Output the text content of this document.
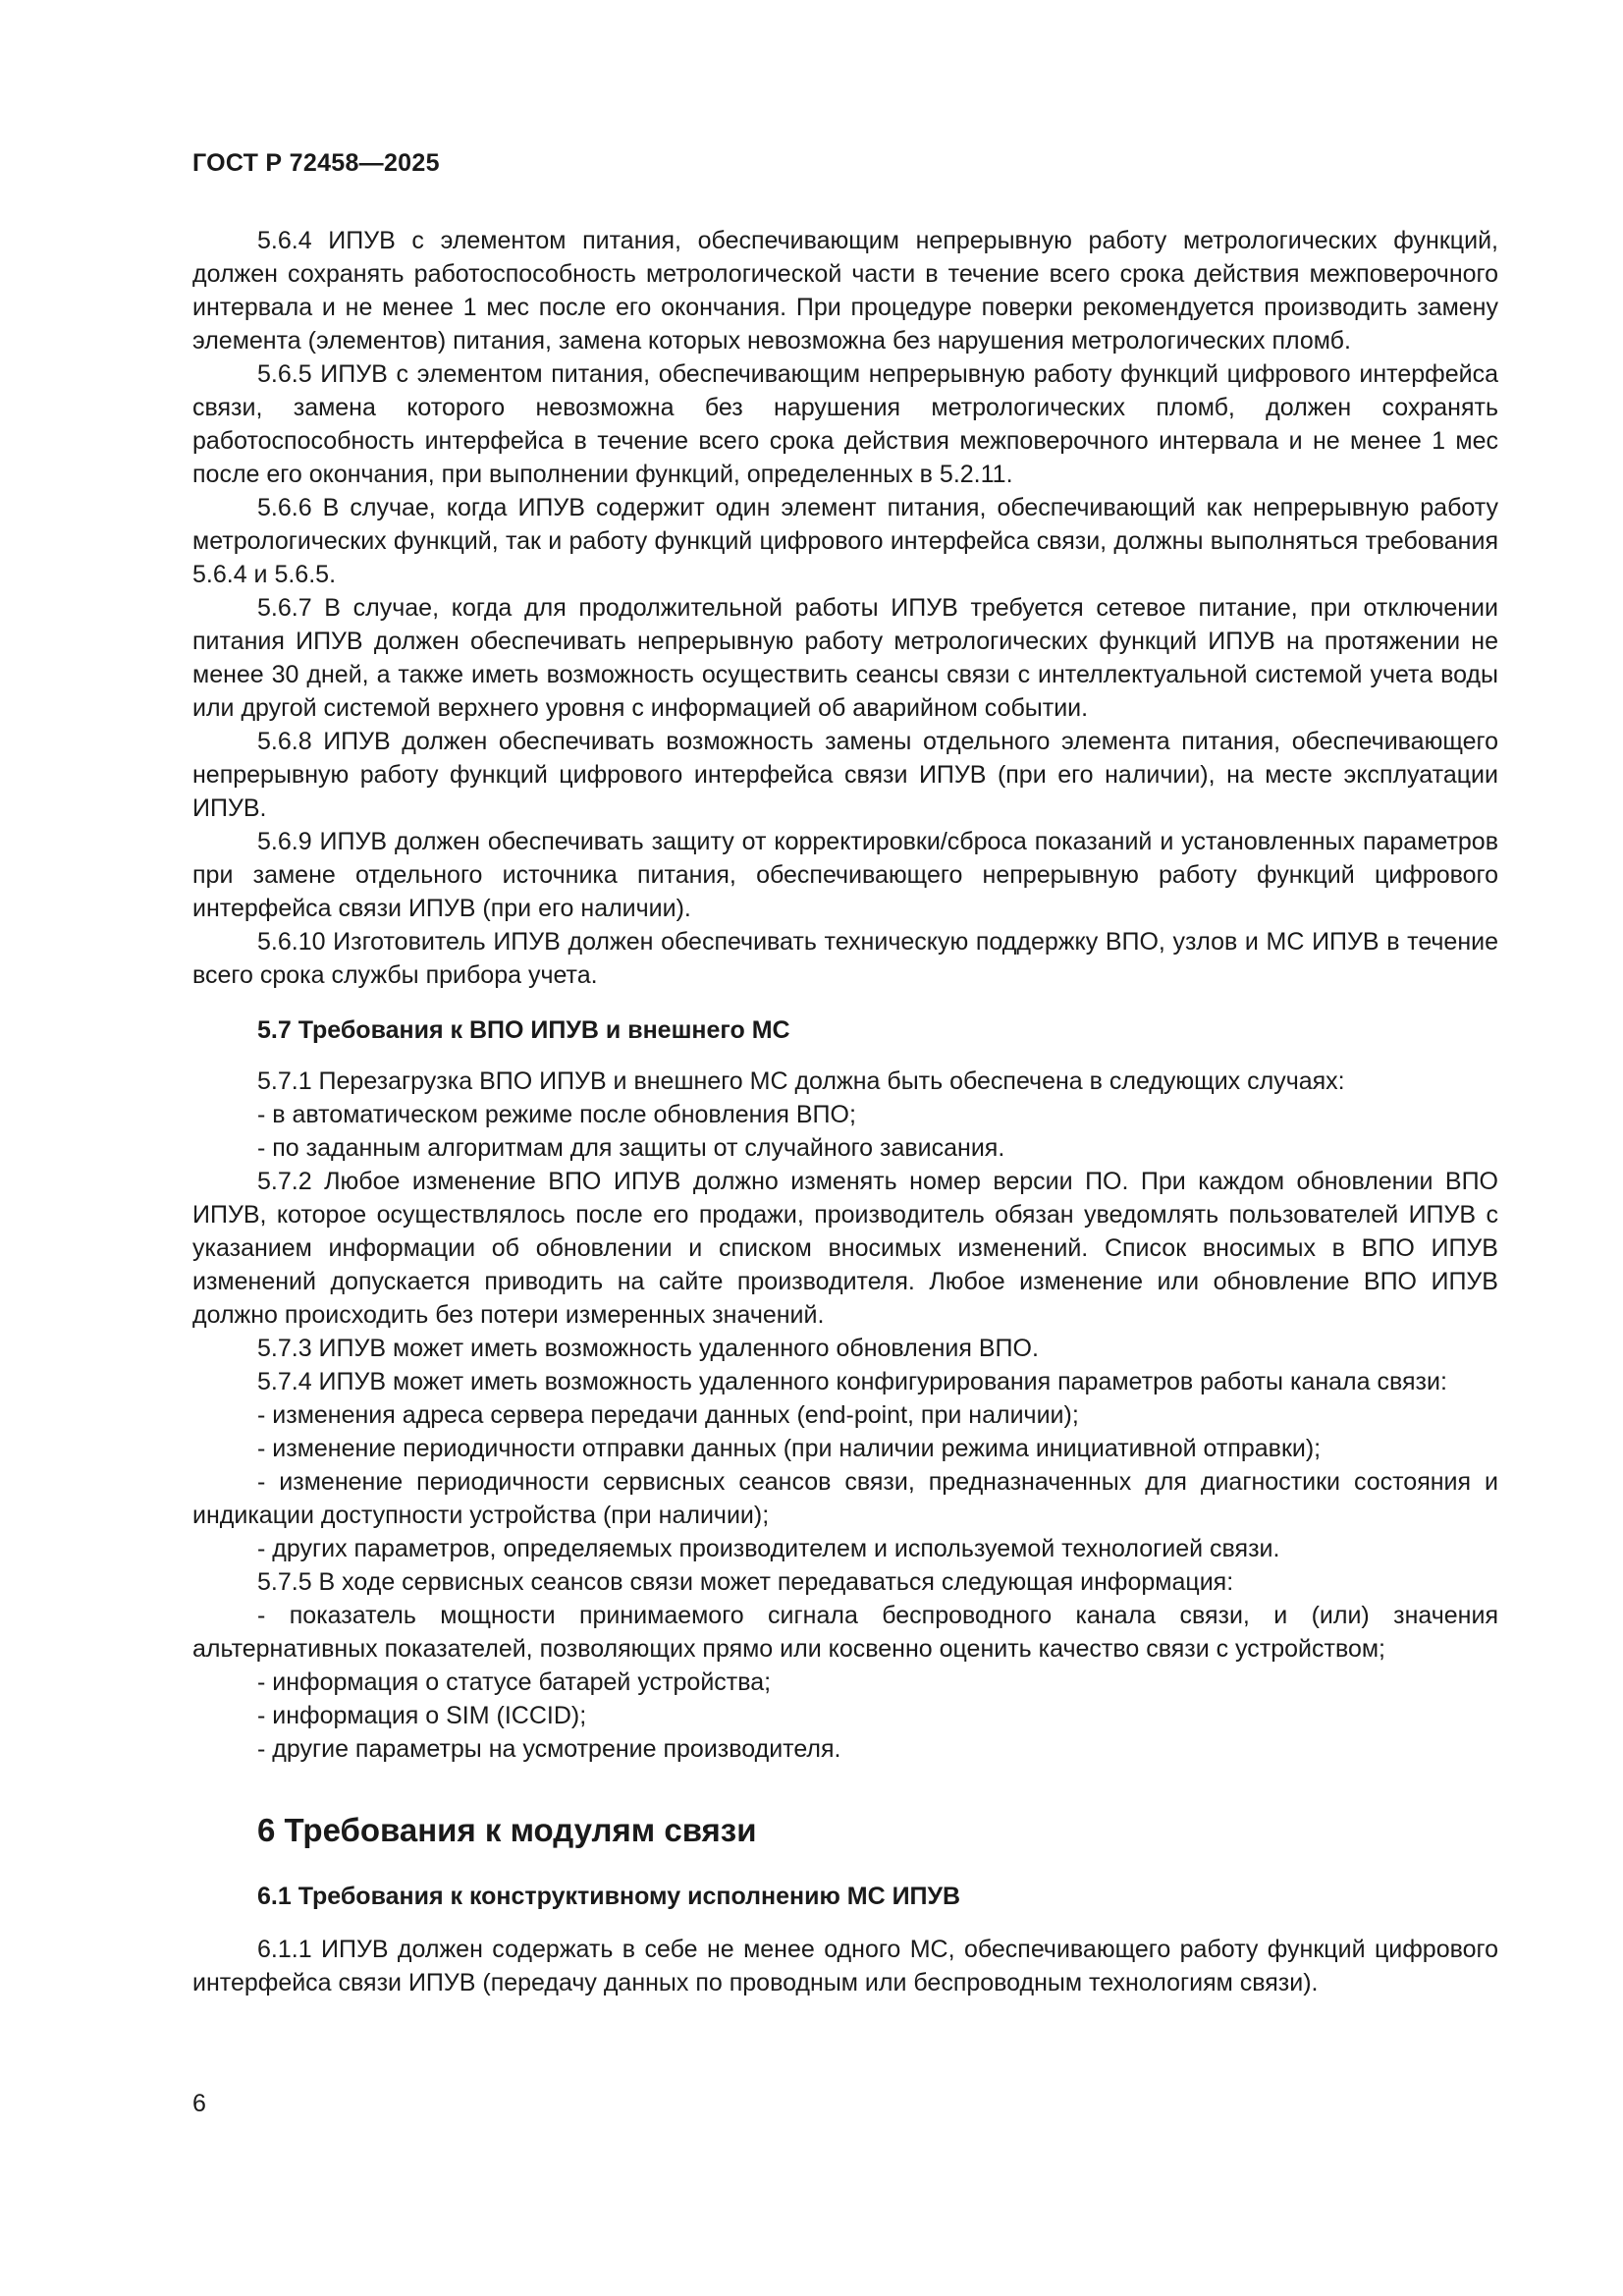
ГОСТ Р 72458—2025

5.6.4 ИПУВ с элементом питания, обеспечивающим непрерывную работу метрологических функций, должен сохранять работоспособность метрологической части в течение всего срока действия межповерочного интервала и не менее 1 мес после его окончания. При процедуре поверки рекомендуется производить замену элемента (элементов) питания, замена которых невозможна без нарушения метрологических пломб.

5.6.5 ИПУВ с элементом питания, обеспечивающим непрерывную работу функций цифрового интерфейса связи, замена которого невозможна без нарушения метрологических пломб, должен сохранять работоспособность интерфейса в течение всего срока действия межповерочного интервала и не менее 1 мес после его окончания, при выполнении функций, определенных в 5.2.11.

5.6.6 В случае, когда ИПУВ содержит один элемент питания, обеспечивающий как непрерывную работу метрологических функций, так и работу функций цифрового интерфейса связи, должны выполняться требования 5.6.4 и 5.6.5.

5.6.7 В случае, когда для продолжительной работы ИПУВ требуется сетевое питание, при отключении питания ИПУВ должен обеспечивать непрерывную работу метрологических функций ИПУВ на протяжении не менее 30 дней, а также иметь возможность осуществить сеансы связи с интеллектуальной системой учета воды или другой системой верхнего уровня с информацией об аварийном событии.

5.6.8 ИПУВ должен обеспечивать возможность замены отдельного элемента питания, обеспечивающего непрерывную работу функций цифрового интерфейса связи ИПУВ (при его наличии), на месте эксплуатации ИПУВ.

5.6.9 ИПУВ должен обеспечивать защиту от корректировки/сброса показаний и установленных параметров при замене отдельного источника питания, обеспечивающего непрерывную работу функций цифрового интерфейса связи ИПУВ (при его наличии).

5.6.10 Изготовитель ИПУВ должен обеспечивать техническую поддержку ВПО, узлов и МС ИПУВ в течение всего срока службы прибора учета.

5.7 Требования к ВПО ИПУВ и внешнего МС

5.7.1 Перезагрузка ВПО ИПУВ и внешнего МС должна быть обеспечена в следующих случаях:

- в автоматическом режиме после обновления ВПО;

- по заданным алгоритмам для защиты от случайного зависания.

5.7.2 Любое изменение ВПО ИПУВ должно изменять номер версии ПО. При каждом обновлении ВПО ИПУВ, которое осуществлялось после его продажи, производитель обязан уведомлять пользователей ИПУВ с указанием информации об обновлении и списком вносимых изменений. Список вносимых в ВПО ИПУВ изменений допускается приводить на сайте производителя. Любое изменение или обновление ВПО ИПУВ должно происходить без потери измеренных значений.

5.7.3 ИПУВ может иметь возможность удаленного обновления ВПО.

5.7.4 ИПУВ может иметь возможность удаленного конфигурирования параметров работы канала связи:

- изменения адреса сервера передачи данных (end-point, при наличии);

- изменение периодичности отправки данных (при наличии режима инициативной отправки);

- изменение периодичности сервисных сеансов связи, предназначенных для диагностики состояния и индикации доступности устройства (при наличии);

- других параметров, определяемых производителем и используемой технологией связи.

5.7.5 В ходе сервисных сеансов связи может передаваться следующая информация:

- показатель мощности принимаемого сигнала беспроводного канала связи, и (или) значения альтернативных показателей, позволяющих прямо или косвенно оценить качество связи с устройством;

- информация о статусе батарей устройства;

- информация о SIM (ICCID);

- другие параметры на усмотрение производителя.

6 Требования к модулям связи
6.1 Требования к конструктивному исполнению МС ИПУВ

6.1.1 ИПУВ должен содержать в себе не менее одного МС, обеспечивающего работу функций цифрового интерфейса связи ИПУВ (передачу данных по проводным или беспроводным технологиям связи).

6
